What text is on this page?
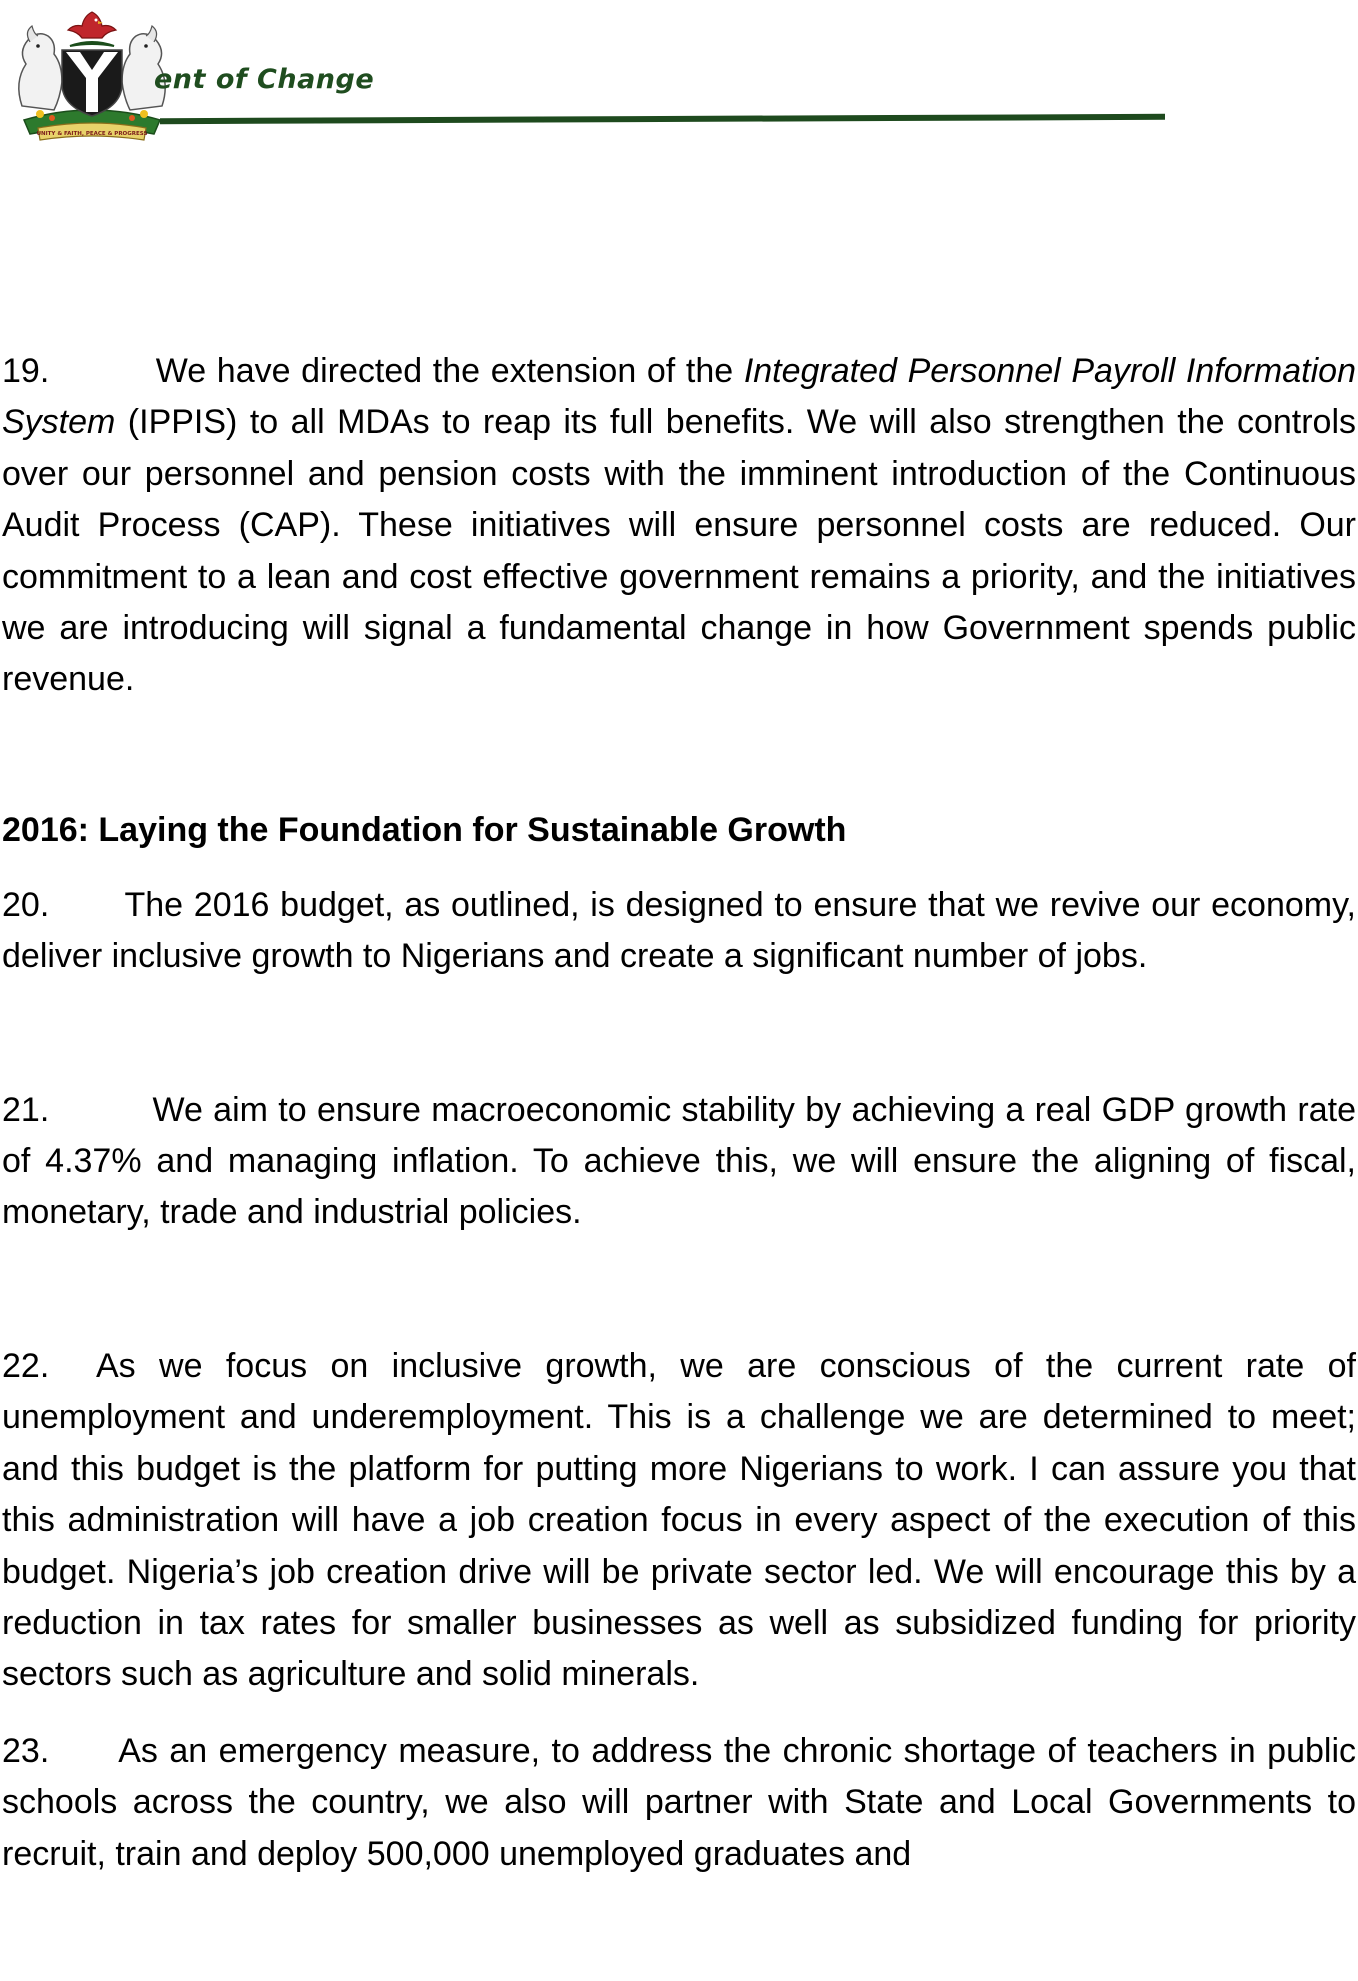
UNITY & FAITH, PEACE & PROGRESS
ent of Change

19.	We have directed the extension of the Integrated Personnel Payroll Information System (IPPIS) to all MDAs to reap its full benefits. We will also strengthen the controls over our personnel and pension costs with the imminent introduction of the Continuous Audit Process (CAP). These initiatives will ensure personnel costs are reduced. Our commitment to a lean and cost effective government remains a priority, and the initiatives we are introducing will signal a fundamental change in how Government spends public revenue.

2016: Laying the Foundation for Sustainable Growth

20. The 2016 budget, as outlined, is designed to ensure that we revive our economy, deliver inclusive growth to Nigerians and create a significant number of jobs.

21.	We aim to ensure macroeconomic stability by achieving a real GDP growth rate of 4.37% and managing inflation. To achieve this, we will ensure the aligning of fiscal, monetary, trade and industrial policies.

22. As we focus on inclusive growth, we are conscious of the current rate of unemployment and underemployment. This is a challenge we are determined to meet; and this budget is the platform for putting more Nigerians to work. I can assure you that this administration will have a job creation focus in every aspect of the execution of this budget. Nigeria’s job creation drive will be private sector led. We will encourage this by a reduction in tax rates for smaller businesses as well as subsidized funding for priority sectors such as agriculture and solid minerals.

23. As an emergency measure, to address the chronic shortage of teachers in public schools across the country, we also will partner with State and Local Governments to recruit, train and deploy 500,000 unemployed graduates and
